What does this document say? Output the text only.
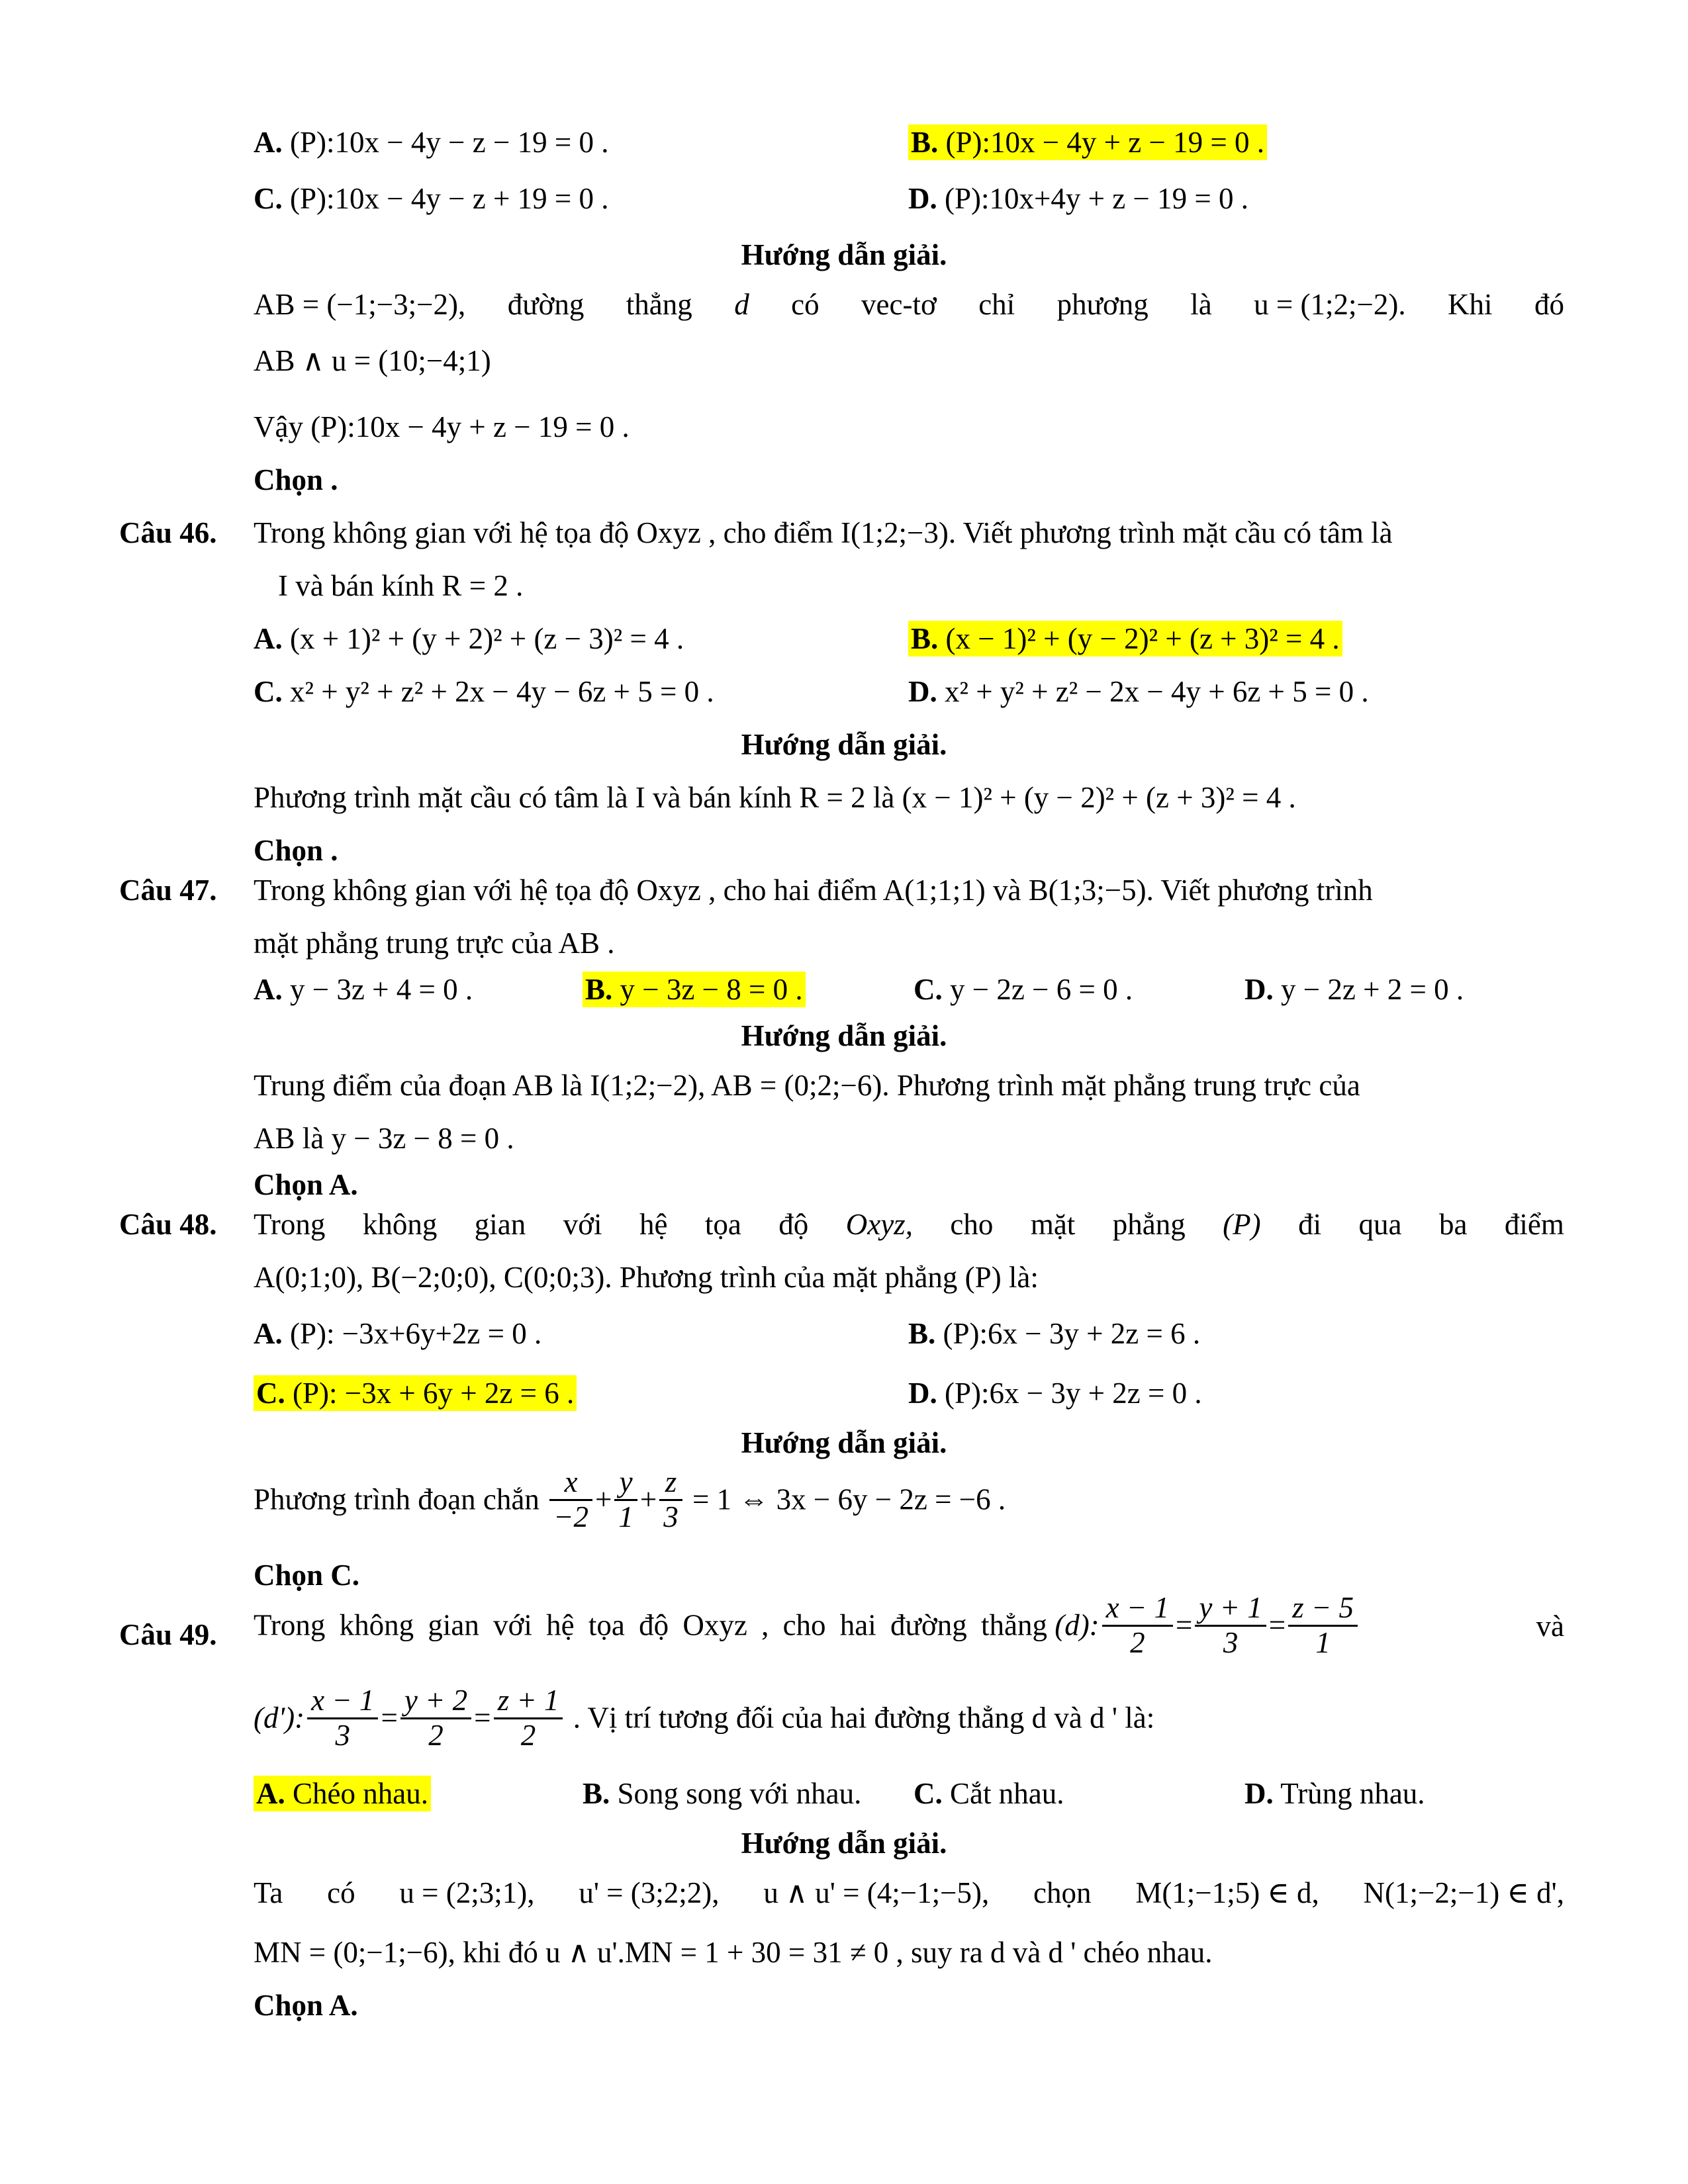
A. (P):10x − 4y − z − 19 = 0 .	B. (P):10x − 4y + z − 19 = 0 .
C. (P):10x − 4y − z + 19 = 0 .	D. (P):10x+4y + z − 19 = 0 .
Hướng dẫn giải.
AB = (−1;−3;−2), đường thẳng d có vec-tơ chỉ phương là u = (1;2;−2). Khi đó
AB ∧ u = (10;−4;1)
Vậy (P):10x − 4y + z − 19 = 0 .
Chọn .
Câu 46. Trong không gian với hệ tọa độ Oxyz , cho điểm I(1;2;−3). Viết phương trình mặt cầu có tâm là
I và bán kính R = 2 .
A. (x + 1)² + (y + 2)² + (z − 3)² = 4 .	B. (x − 1)² + (y − 2)² + (z + 3)² = 4 .
C. x² + y² + z² + 2x − 4y − 6z + 5 = 0 .	D. x² + y² + z² − 2x − 4y + 6z + 5 = 0 .
Hướng dẫn giải.
Phương trình mặt cầu có tâm là I và bán kính R = 2 là (x − 1)² + (y − 2)² + (z + 3)² = 4 .
Chọn .
Câu 47. Trong không gian với hệ tọa độ Oxyz , cho hai điểm A(1;1;1) và B(1;3;−5). Viết phương trình
mặt phẳng trung trực của AB .
A. y − 3z + 4 = 0 .	B. y − 3z − 8 = 0 .	C. y − 2z − 6 = 0 .	D. y − 2z + 2 = 0 .
Hướng dẫn giải.
Trung điểm của đoạn AB là I(1;2;−2), AB = (0;2;−6). Phương trình mặt phẳng trung trực của
AB là y − 3z − 8 = 0 .
Chọn A.
Câu 48. Trong không gian với hệ tọa độ Oxyz, cho mặt phẳng (P) đi qua ba điểm
A(0;1;0), B(−2;0;0), C(0;0;3). Phương trình của mặt phẳng (P) là:
A. (P): −3x+6y+2z = 0 .	B. (P):6x − 3y + 2z = 6 .
C. (P): −3x + 6y + 2z = 6 .	D. (P):6x − 3y + 2z = 0 .
Hướng dẫn giải.
Phương trình đoạn chắn $\frac{x}{-2} + \frac{y}{1} + \frac{z}{3} = 1$ ⇔ 3x − 6y − 2z = −6 .
Chọn C.
Câu 49. Trong không gian với hệ tọa độ Oxyz , cho hai đường thẳng (d): $\frac{x - 1}{2} = \frac{y + 1}{3} = \frac{z - 5}{1}$	và
(d'): $\frac{x - 1}{3} = \frac{y + 2}{2} = \frac{z + 1}{2}$ . Vị trí tương đối của hai đường thẳng d và d ' là:
A. Chéo nhau.	B. Song song với nhau. C. Cắt nhau.	D. Trùng nhau.
Hướng dẫn giải.
Ta có u = (2;3;1), u' = (3;2;2), u ∧ u' = (4;−1;−5), chọn M(1;−1;5) ∈ d, N(1;−2;−1) ∈ d',
MN = (0;−1;−6), khi đó u ∧ u'.MN = 1 + 30 = 31 ≠ 0 , suy ra d và d ' chéo nhau.
Chọn A.
